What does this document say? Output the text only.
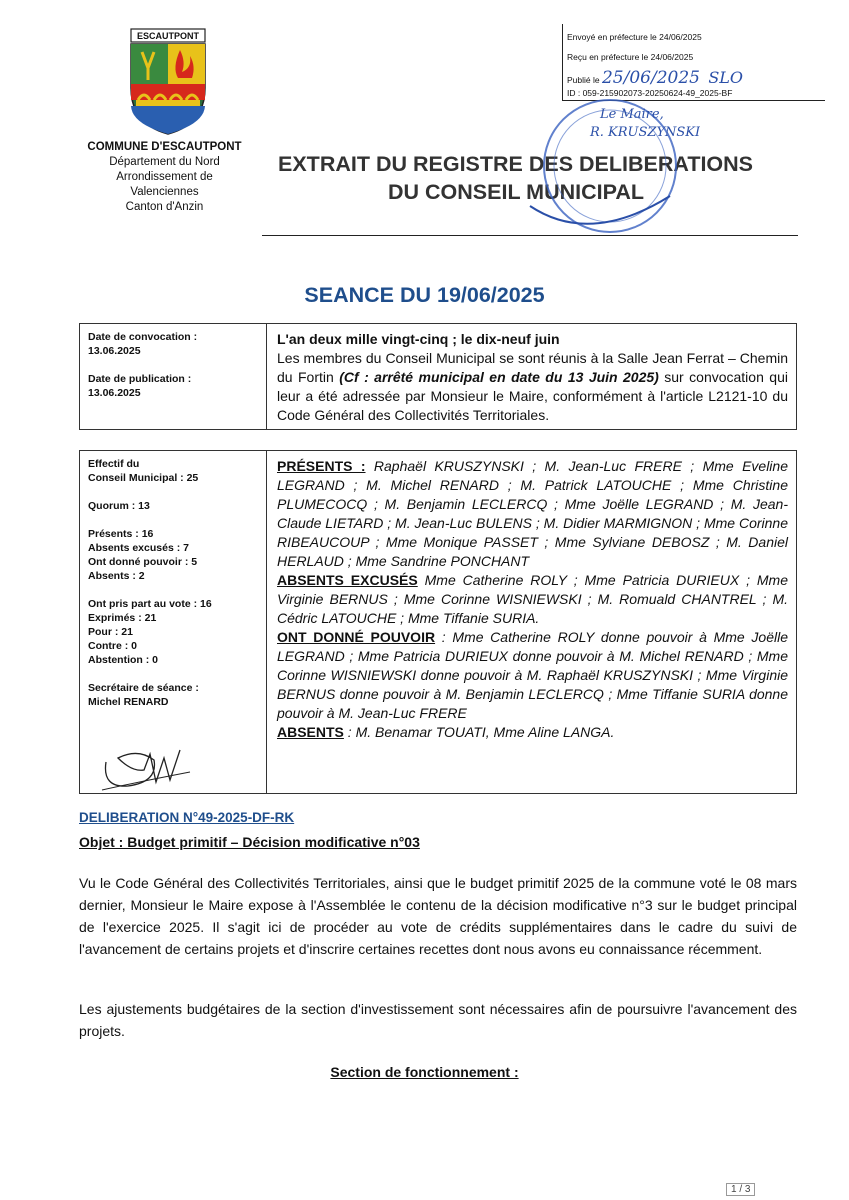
ESCAUTPONT
COMMUNE D'ESCAUTPONT
Département du Nord
Arrondissement de
Valenciennes
Canton d'Anzin
EXTRAIT DU REGISTRE DES DELIBERATIONS
DU CONSEIL MUNICIPAL
Envoyé en préfecture le 24/06/2025
Reçu en préfecture le 24/06/2025
Publié le 25/06/2025 SLO
ID : 059-215902073-20250624-49_2025-BF
Le Maire,
R. KRUSZYNSKI
SEANCE DU 19/06/2025

Date de convocation :

13.06.2025

Date de publication :

13.06.2025

L'an deux mille vingt-cinq ; le dix-neuf juin
Les membres du Conseil Municipal se sont réunis à la Salle Jean Ferrat – Chemin du Fortin (Cf : arrêté municipal en date du 13 Juin 2025) sur convocation qui leur a été adressée par Monsieur le Maire, conformément à l'article L2121-10 du Code Général des Collectivités Territoriales.

Effectif du

Conseil Municipal : 25

Quorum : 13

Présents : 16

Absents excusés : 7

Ont donné pouvoir : 5

Absents : 2

Ont pris part au vote : 16

Exprimés : 21

Pour : 21

Contre : 0

Abstention : 0

Secrétaire de séance :

Michel RENARD

PRÉSENTS : Raphaël KRUSZYNSKI ; M. Jean-Luc FRERE ; Mme Eveline LEGRAND ; M. Michel RENARD ; M. Patrick LATOUCHE ; Mme Christine PLUMECOCQ ; M. Benjamin LECLERCQ ; Mme Joëlle LEGRAND ; M. Jean-Claude LIETARD ; M. Jean-Luc BULENS ; M. Didier MARMIGNON ; Mme Corinne RIBEAUCOUP ; Mme Monique PASSET ; Mme Sylviane DEBOSZ ; M. Daniel HERLAUD ; Mme Sandrine PONCHANT
ABSENTS EXCUSÉS Mme Catherine ROLY ; Mme Patricia DURIEUX ; Mme Virginie BERNUS ; Mme Corinne WISNIEWSKI ; M. Romuald CHANTREL ; M. Cédric LATOUCHE ; Mme Tiffanie SURIA.
ONT DONNÉ POUVOIR : Mme Catherine ROLY donne pouvoir à Mme Joëlle LEGRAND ; Mme Patricia DURIEUX donne pouvoir à M. Michel RENARD ; Mme Corinne WISNIEWSKI donne pouvoir à M. Raphaël KRUSZYNSKI ; Mme Virginie BERNUS donne pouvoir à M. Benjamin LECLERCQ ; Mme Tiffanie SURIA donne pouvoir à M. Jean-Luc FRERE
ABSENTS : M. Benamar TOUATI, Mme Aline LANGA.
DELIBERATION N°49-2025-DF-RK
Objet : Budget primitif – Décision modificative n°03
Vu le Code Général des Collectivités Territoriales, ainsi que le budget primitif 2025 de la commune voté le 08 mars dernier, Monsieur le Maire expose à l'Assemblée le contenu de la décision modificative n°3 sur le budget principal de l'exercice 2025. Il s'agit ici de procéder au vote de crédits supplémentaires dans le cadre du suivi de l'avancement de certains projets et d'inscrire certaines recettes dont nous avons eu connaissance récemment.
Les ajustements budgétaires de la section d'investissement sont nécessaires afin de poursuivre l'avancement des projets.
Section de fonctionnement :
1 / 3
